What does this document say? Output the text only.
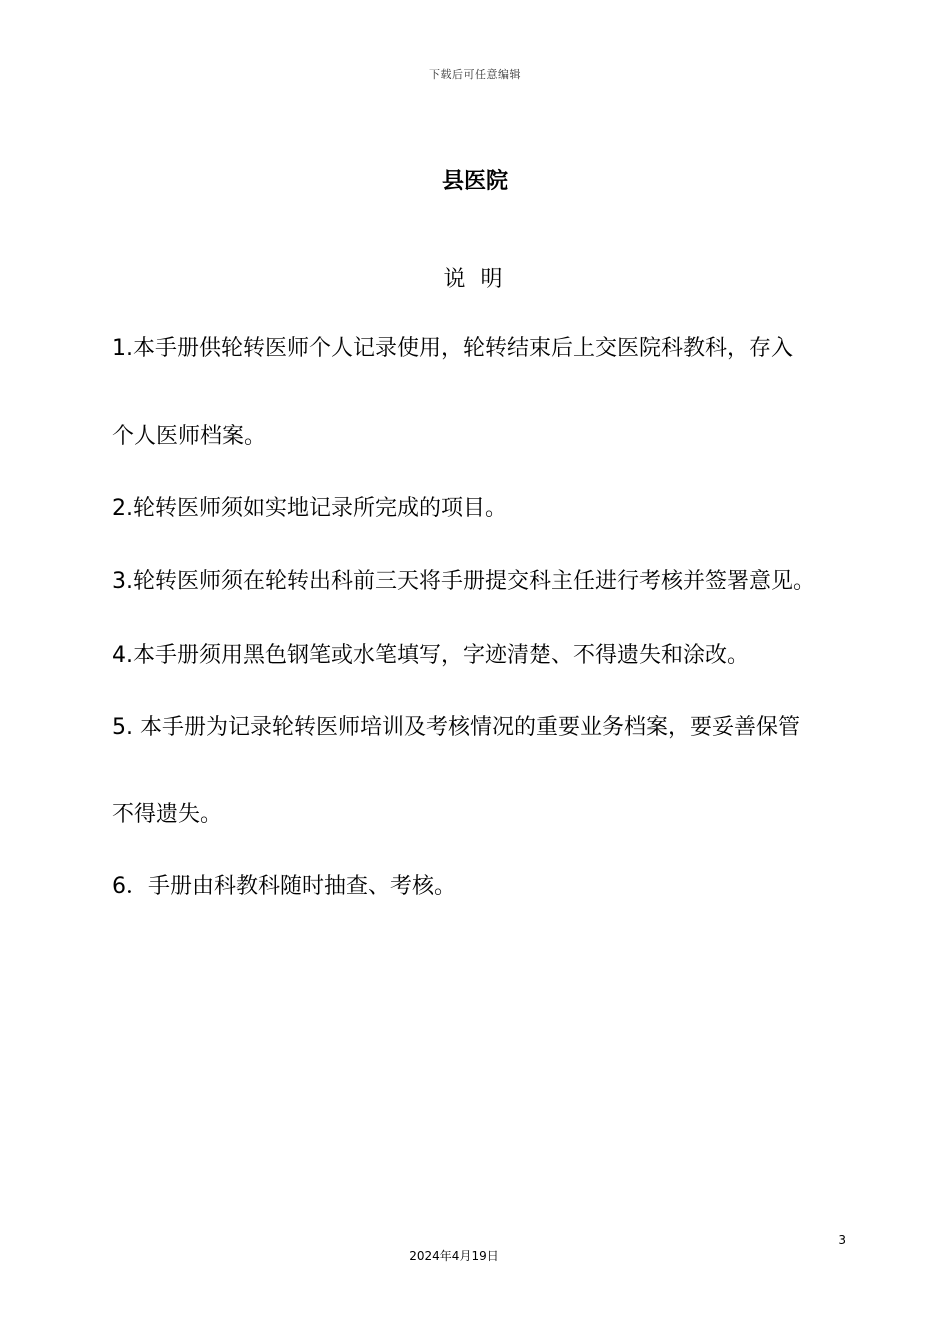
下载后可任意编辑
县医院
说 明
1.本手册供轮转医师个人记录使用，轮转结束后上交医院科教科，存入
个人医师档案。
2.轮转医师须如实地记录所完成的项目。
3.轮转医师须在轮转出科前三天将手册提交科主任进行考核并签署意见。
4.本手册须用黑色钢笔或水笔填写，字迹清楚、不得遗失和涂改。
5. 本手册为记录轮转医师培训及考核情况的重要业务档案，要妥善保管
不得遗失。
6．手册由科教科随时抽查、考核。
3
2024年4月19日
